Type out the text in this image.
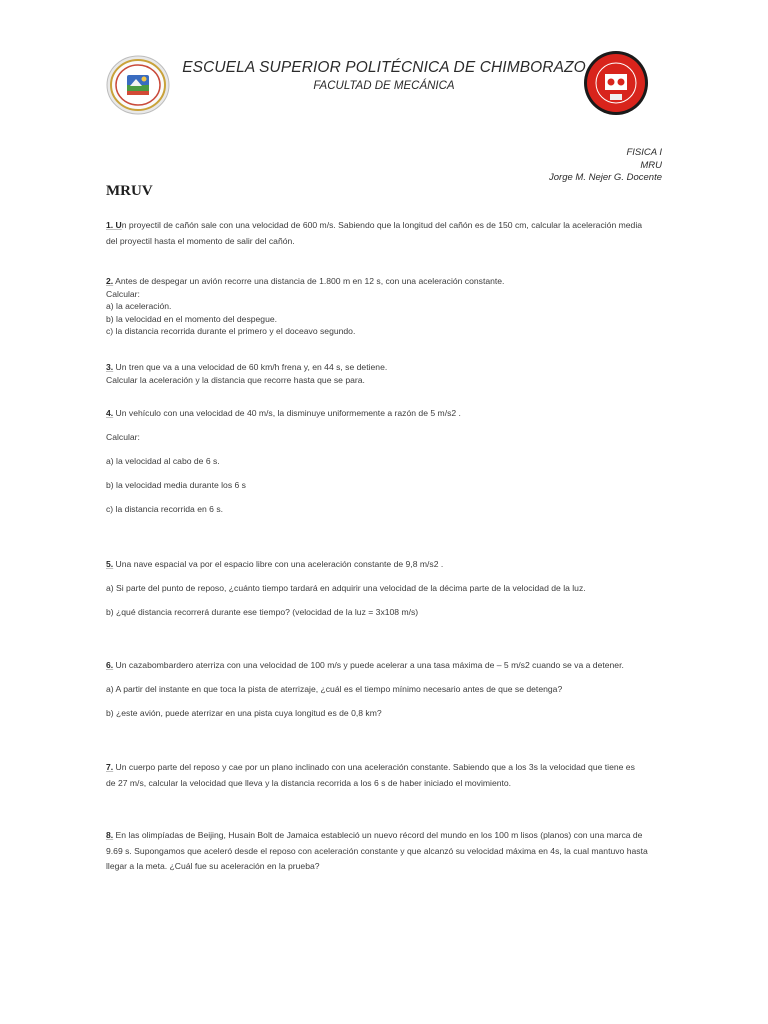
ESCUELA SUPERIOR POLITÉCNICA DE CHIMBORAZO
FACULTAD DE MECÁNICA
FISICA I
MRU
Jorge M. Nejer G. Docente
MRUV

1. Un proyectil de cañón sale con una velocidad de 600 m/s. Sabiendo que la longitud del cañón es de 150 cm, calcular la aceleración media

del proyectil hasta el momento de salir del cañón.

2. Antes de despegar un avión recorre una distancia de 1.800 m en 12 s, con una aceleración constante.

Calcular:

a) la aceleración.

b) la velocidad en el momento del despegue.

c) la distancia recorrida durante el primero y el doceavo segundo.

3. Un tren que va a una velocidad de 60 km/h frena y, en 44 s, se detiene.

Calcular la aceleración y la distancia que recorre hasta que se para.

4. Un vehículo con una velocidad de 40 m/s, la disminuye uniformemente a razón de 5 m/s2 .

Calcular:

a) la velocidad al cabo de 6 s.

b) la velocidad media durante los 6 s

c) la distancia recorrida en 6 s.

5. Una nave espacial va por el espacio libre con una aceleración constante de 9,8 m/s2 .

a) Si parte del punto de reposo, ¿cuánto tiempo tardará en adquirir una velocidad de la décima parte de la velocidad de la luz.

b) ¿qué distancia recorrerá durante ese tiempo? (velocidad de la luz = 3x108 m/s)

6. Un cazabombardero aterriza con una velocidad de 100 m/s y puede acelerar a una tasa máxima de – 5 m/s2 cuando se va a detener.

a) A partir del instante en que toca la pista de aterrizaje, ¿cuál es el tiempo mínimo necesario antes de que se detenga?

b) ¿este avión, puede aterrizar en una pista cuya longitud es de 0,8 km?

7. Un cuerpo parte del reposo y cae por un plano inclinado con una aceleración constante. Sabiendo que a los 3s la velocidad que tiene es

de 27 m/s, calcular la velocidad que lleva y la distancia recorrida a los 6 s de haber iniciado el movimiento.

8. En las olimpíadas de Beijing, Husain Bolt de Jamaica estableció un nuevo récord del mundo en los 100 m lisos (planos) con una marca de

9.69 s. Supongamos que aceleró desde el reposo con aceleración constante y que alcanzó su velocidad máxima en 4s, la cual mantuvo hasta

llegar a la meta. ¿Cuál fue su aceleración en la prueba?
